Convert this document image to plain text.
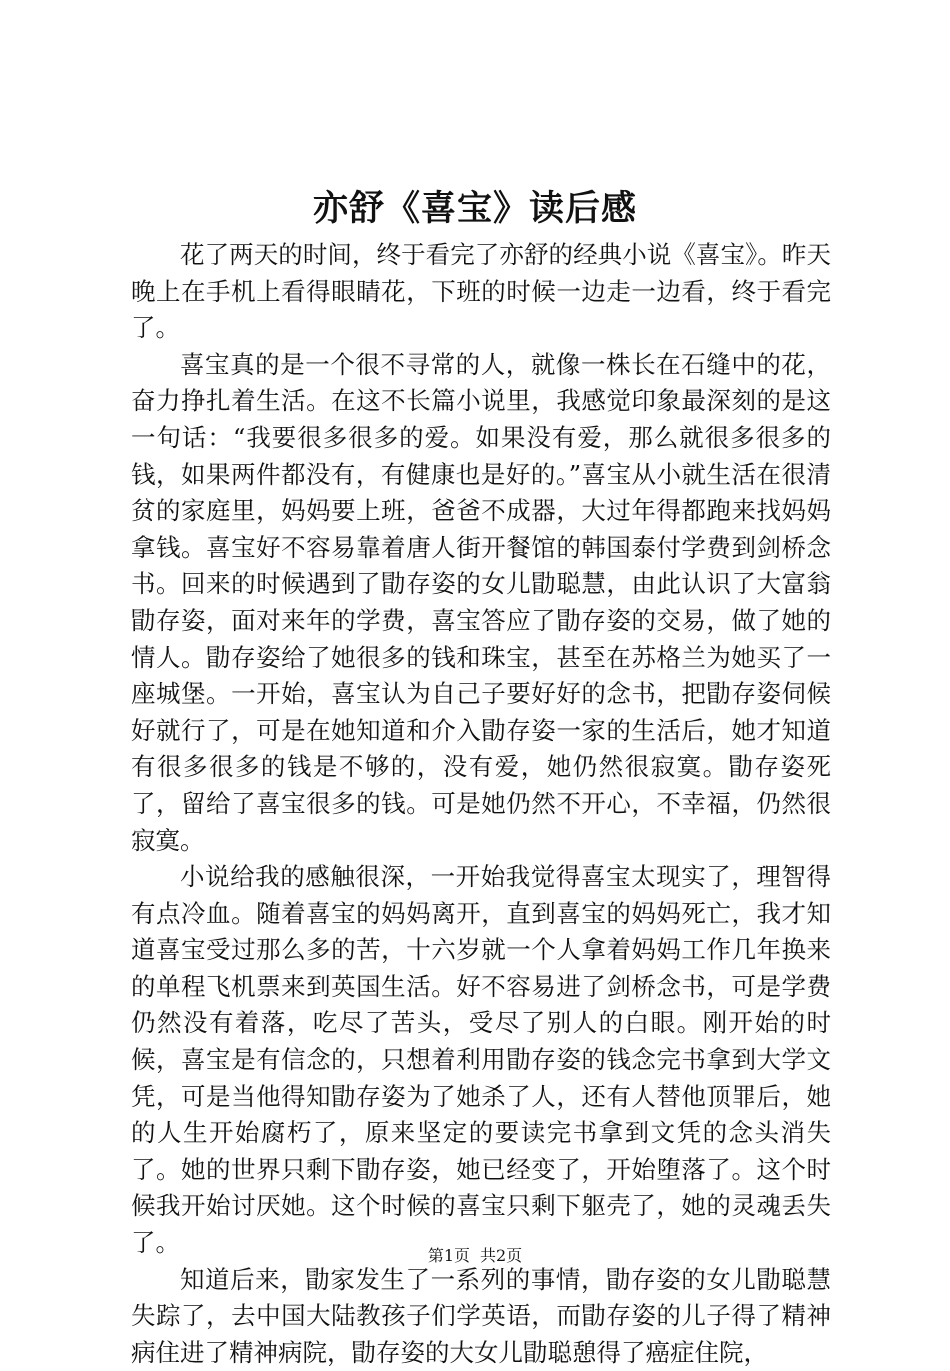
亦舒《喜宝》读后感

花了两天的时间，终于看完了亦舒的经典小说《喜宝》。昨天晚上在手机上看得眼睛花，下班的时候一边走一边看，终于看完了。

喜宝真的是一个很不寻常的人，就像一株长在石缝中的花，奋力挣扎着生活。在这不长篇小说里，我感觉印象最深刻的是这一句话：“我要很多很多的爱。如果没有爱，那么就很多很多的钱，如果两件都没有，有健康也是好的。”喜宝从小就生活在很清贫的家庭里，妈妈要上班，爸爸不成器，大过年得都跑来找妈妈拿钱。喜宝好不容易靠着唐人街开餐馆的韩国泰付学费到剑桥念书。回来的时候遇到了勖存姿的女儿勖聪慧，由此认识了大富翁勖存姿，面对来年的学费，喜宝答应了勖存姿的交易，做了她的情人。勖存姿给了她很多的钱和珠宝，甚至在苏格兰为她买了一座城堡。一开始，喜宝认为自己子要好好的念书，把勖存姿伺候好就行了，可是在她知道和介入勖存姿一家的生活后，她才知道有很多很多的钱是不够的，没有爱，她仍然很寂寞。勖存姿死了，留给了喜宝很多的钱。可是她仍然不开心，不幸福，仍然很寂寞。

小说给我的感触很深，一开始我觉得喜宝太现实了，理智得有点冷血。随着喜宝的妈妈离开，直到喜宝的妈妈死亡，我才知道喜宝受过那么多的苦，十六岁就一个人拿着妈妈工作几年换来的单程飞机票来到英国生活。好不容易进了剑桥念书，可是学费仍然没有着落，吃尽了苦头，受尽了别人的白眼。刚开始的时候，喜宝是有信念的，只想着利用勖存姿的钱念完书拿到大学文凭，可是当他得知勖存姿为了她杀了人，还有人替他顶罪后，她的人生开始腐朽了，原来坚定的要读完书拿到文凭的念头消失了。她的世界只剩下勖存姿，她已经变了，开始堕落了。这个时候我开始讨厌她。这个时候的喜宝只剩下躯壳了，她的灵魂丢失了。

知道后来，勖家发生了一系列的事情，勖存姿的女儿勖聪慧失踪了，去中国大陆教孩子们学英语，而勖存姿的儿子得了精神病住进了精神病院，勖存姿的大女儿勖聪憩得了癌症住院，

第1页 共2页
